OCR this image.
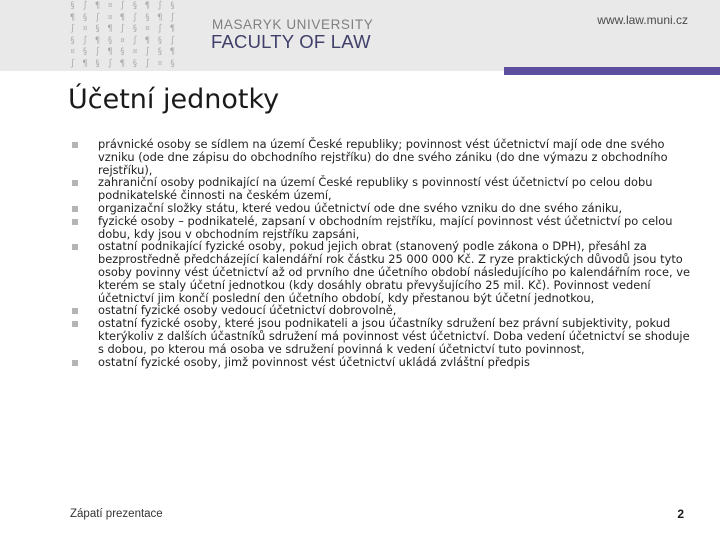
§ ∫ ¶ ¤ ∫ § ¶ ∫ §
¶ § ∫ ¤ ¶ ∫ § ¶ ∫
∫ ¤ § ¶ ∫ § ¤ ∫ ¶
§ ∫ ¶ § ¤ ∫ ¶ § ∫
¤ § ∫ ¶ § ¤ ∫ § ¶
∫ ¶ § ∫ ¶ § ∫ ¤ §
MASARYK UNIVERSITY
FACULTY OF LAW
www.law.muni.cz
Účetní jednotky
právnické osoby se sídlem na území České republiky; povinnost vést účetnictví mají ode dne svého vzniku (ode dne zápisu do obchodního rejstříku) do dne svého zániku (do dne výmazu z obchodního rejstříku),
zahraniční osoby podnikající na území České republiky s povinností vést účetnictví po celou dobu podnikatelské činnosti na českém území,
organizační složky státu, které vedou účetnictví ode dne svého vzniku do dne svého zániku,
fyzické osoby – podnikatelé, zapsaní v obchodním rejstříku, mající povinnost vést účetnictví po celou dobu, kdy jsou v obchodním rejstříku zapsáni,
ostatní podnikající fyzické osoby, pokud jejich obrat (stanovený podle zákona o DPH), přesáhl za bezprostředně předcházející kalendářní rok částku 25 000 000 Kč. Z ryze praktických důvodů jsou tyto osoby povinny vést účetnictví až od prvního dne účetního období následujícího po kalendářním roce, ve kterém se staly účetní jednotkou (kdy dosáhly obratu převyšujícího 25 mil. Kč). Povinnost vedení účetnictví jim končí poslední den účetního období, kdy přestanou být účetní jednotkou,
ostatní fyzické osoby vedoucí účetnictví dobrovolně,
ostatní fyzické osoby, které jsou podnikateli a jsou účastníky sdružení bez právní subjektivity, pokud kterýkoliv z dalších účastníků sdružení má povinnost vést účetnictví. Doba vedení účetnictví se shoduje s dobou, po kterou má osoba ve sdružení povinná k vedení účetnictví tuto povinnost,
ostatní fyzické osoby, jimž povinnost vést účetnictví ukládá zvláštní předpis
Zápatí prezentace	2
